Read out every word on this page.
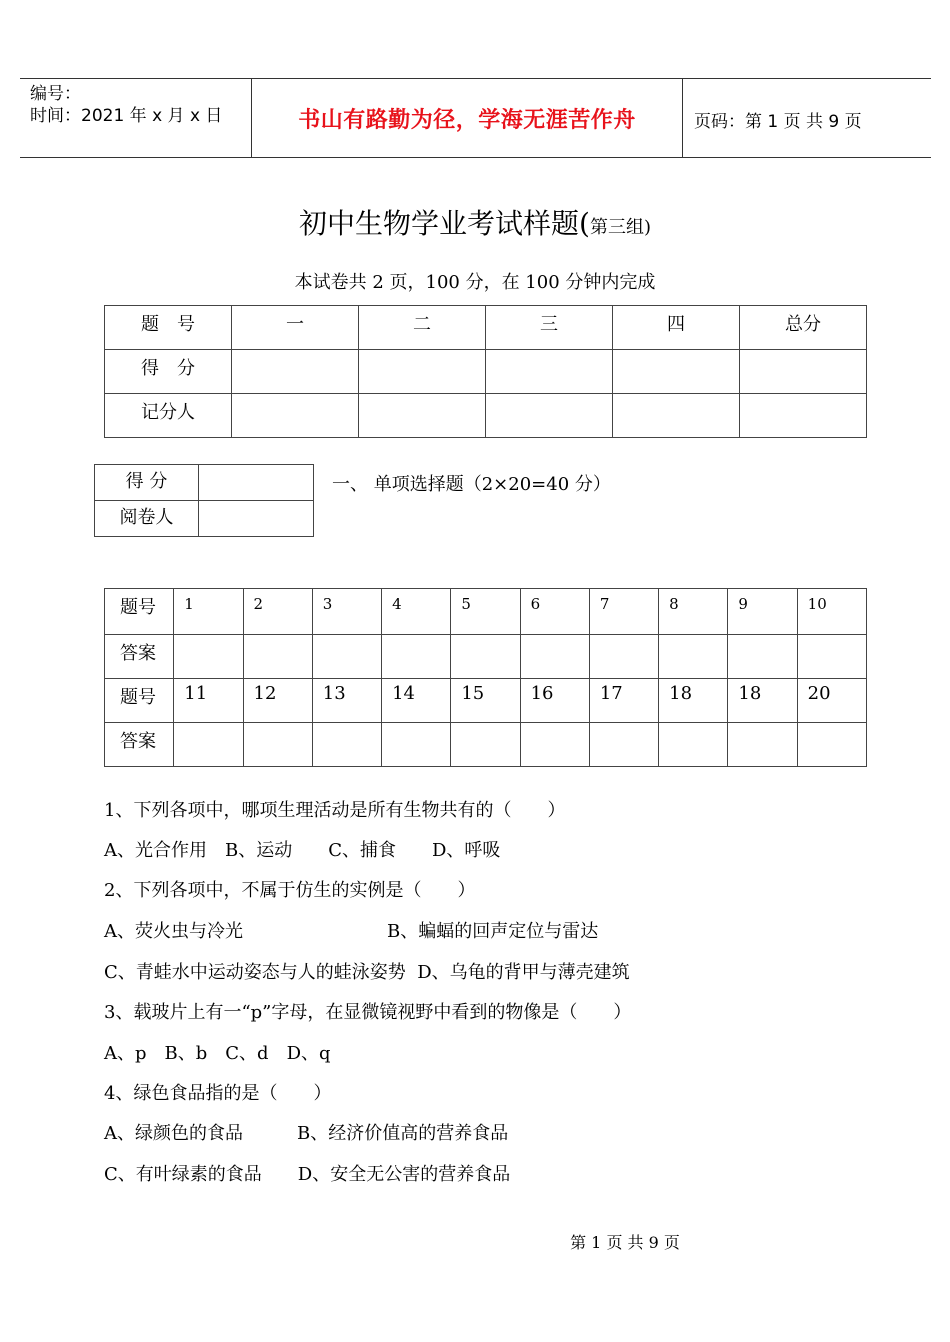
编号：
时间：2021 年 x 月 x 日	书山有路勤为径，学海无涯苦作舟	页码：第 1 页 共 9 页
初中生物学业考试样题(第三组)
本试卷共 2 页，100 分，在 100 分钟内完成
题　号	一	二	三	四	总分
得　分					
记分人					
得 分	
阅卷人	
一、 单项选择题（2×20=40 分）
题号	1	2	3	4	5	6	7	8	9	10
答案										
题号	11	12	13	14	15	16	17	18	18	20
答案										
1、下列各项中，哪项生理活动是所有生物共有的（　　）
A、光合作用　B、运动　　C、捕食　　D、呼吸
2、下列各项中，不属于仿生的实例是（　　）
A、荧火虫与冷光　　　　　　　　B、蝙蝠的回声定位与雷达
C、青蛙水中运动姿态与人的蛙泳姿势  D、乌龟的背甲与薄壳建筑
3、载玻片上有一“p”字母，在显微镜视野中看到的物像是（　　）
A、p　B、b　C、d　D、q
4、绿色食品指的是（　　）
A、绿颜色的食品　　　B、经济价值高的营养食品
C、有叶绿素的食品　　D、安全无公害的营养食品
第 1 页 共 9 页
